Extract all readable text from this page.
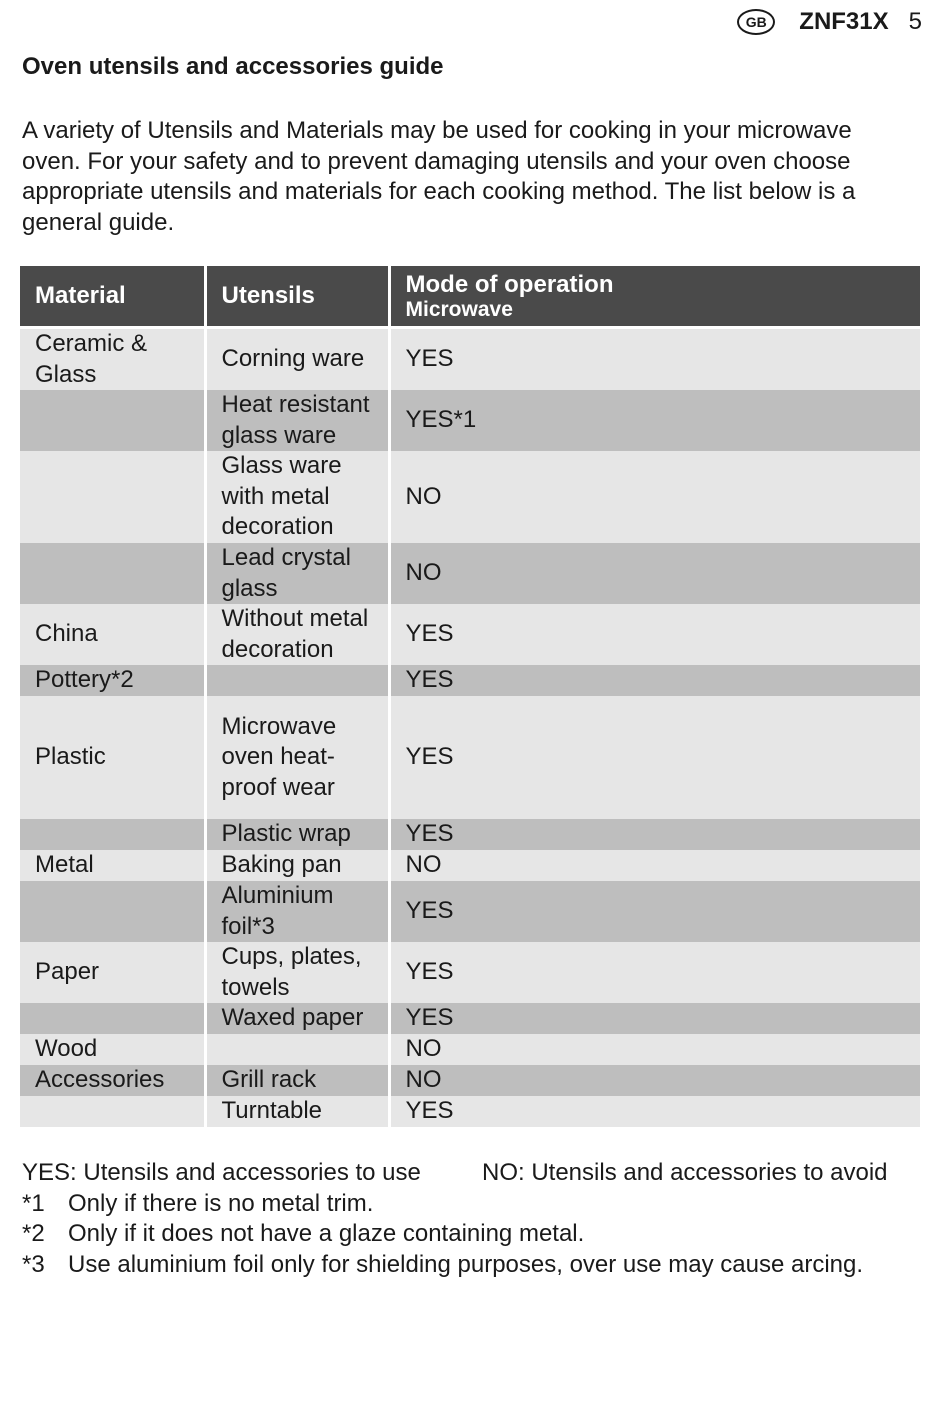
GB	ZNF31X 5
Oven utensils and accessories guide

A variety of Utensils and Materials may be used for cooking in your microwave oven. For your safety and to prevent damaging utensils and your oven choose appropriate utensils and materials for each cooking method. The list below is a general guide.

Material	Utensils	Mode of operation
Microwave

Ceramic & Glass	Corning ware	YES
	Heat resistant glass ware	YES*1
	Glass ware with metal decoration	NO
	Lead crystal glass	NO
China	Without metal decoration	YES
Pottery*2		YES
Plastic	Microwave oven heat-proof wear	YES
	Plastic wrap	YES
Metal	Baking pan	NO
	Aluminium foil*3	YES
Paper	Cups, plates, towels	YES
	Waxed paper	YES
Wood		NO
Accessories	Grill rack	NO
	Turntable	YES
YES: Utensils and accessories to use	NO: Utensils and accessories to avoid
*1 Only if there is no metal trim.
*2 Only if it does not have a glaze containing metal.
*3 Use aluminium foil only for shielding purposes, over use may cause arcing.
